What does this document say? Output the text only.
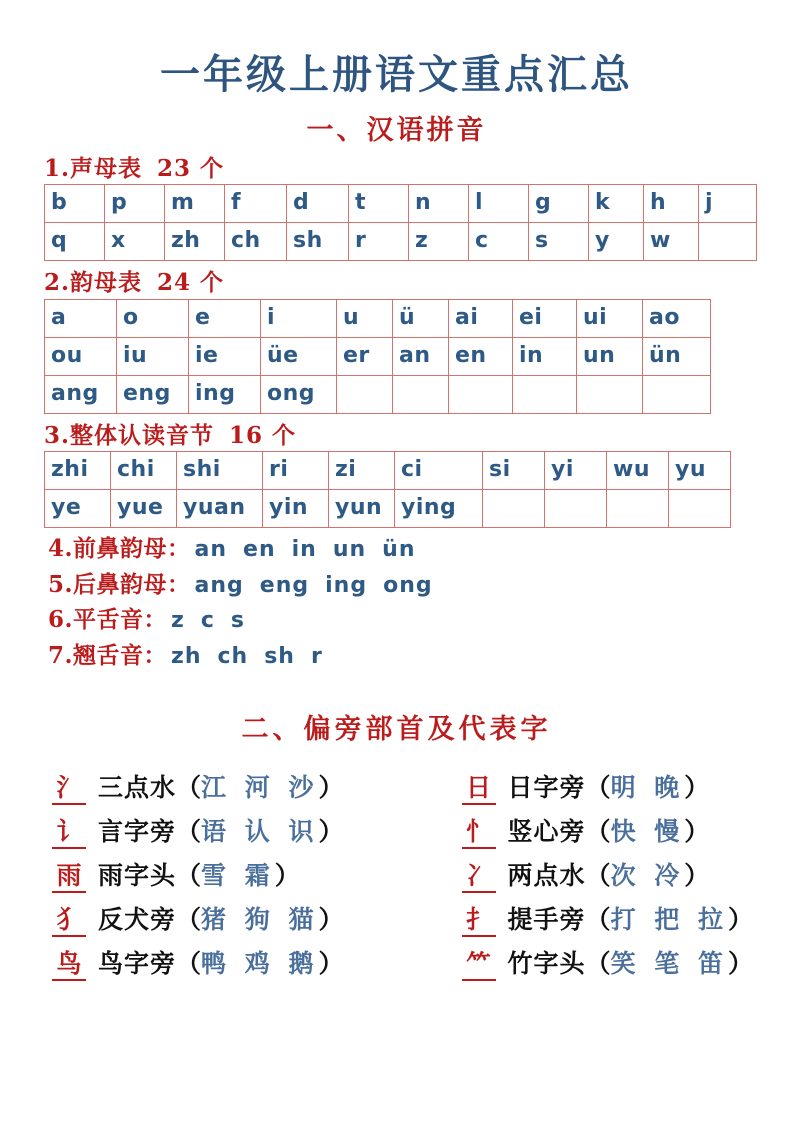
一年级上册语文重点汇总
一、汉语拼音
1.声母表 23 个
b	p	m	f	d	t	n	l	g	k	h	j
q	x	zh	ch	sh	r	z	c	s	y	w	
2.韵母表 24 个
a	o	e	i	u	ü	ai	ei	ui	ao
ou	iu	ie	üe	er	an	en	in	un	ün
ang	eng	ing	ong						
3.整体认读音节 16 个
zhi	chi	shi	ri	zi	ci	si	yi	wu	yu
ye	yue	yuan	yin	yun	ying				
4.前鼻韵母： an en in un ün
5.后鼻韵母： ang eng ing ong
6.平舌音： z c s
7.翘舌音： zh ch sh r
二、偏旁部首及代表字
氵 三点水 （ 江 河 沙 ）
讠 言字旁 （ 语 认 识 ）
雨 雨字头 （ 雪 霜 ）
犭 反犬旁 （ 猪 狗 猫 ）
鸟 鸟字旁 （ 鸭 鸡 鹅 ）
日 日字旁 （ 明 晚 ）
忄 竖心旁 （ 快 慢 ）
冫 两点水 （ 次 冷 ）
扌 提手旁 （ 打 把 拉 ）
⺮ 竹字头 （ 笑 笔 笛 ）
